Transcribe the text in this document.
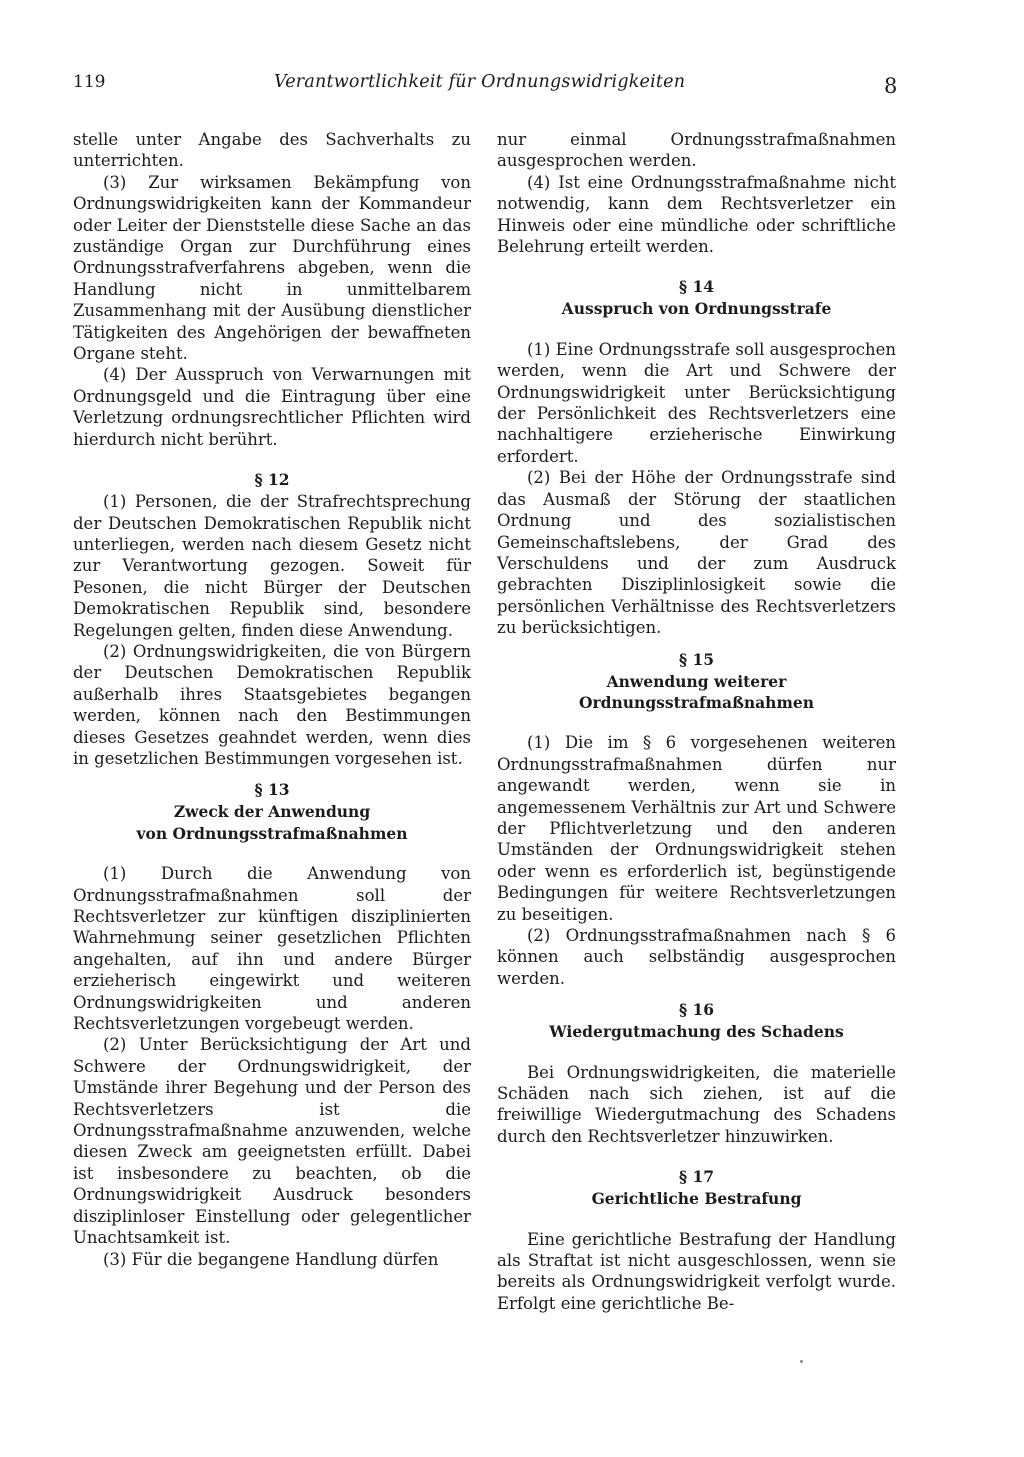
119	Verantwortlichkeit für Ordnungswidrigkeiten	8

stelle unter Angabe des Sachverhalts zu unterrichten.

(3) Zur wirksamen Bekämpfung von Ordnungswidrigkeiten kann der Kommandeur oder Leiter der Dienststelle diese Sache an das zuständige Organ zur Durchführung eines Ordnungsstrafverfahrens abgeben, wenn die Handlung nicht in unmittelbarem Zusammenhang mit der Ausübung dienstlicher Tätigkeiten des Angehörigen der bewaffneten Organe steht.

(4) Der Ausspruch von Verwarnungen mit Ordnungsgeld und die Eintragung über eine Verletzung ordnungsrechtlicher Pflichten wird hierdurch nicht berührt.

§ 12

(1) Personen, die der Strafrechtsprechung der Deutschen Demokratischen Republik nicht unterliegen, werden nach diesem Gesetz nicht zur Verantwortung gezogen. Soweit für Pesonen, die nicht Bürger der Deutschen Demokratischen Republik sind, besondere Regelungen gelten, finden diese Anwendung.

(2) Ordnungswidrigkeiten, die von Bürgern der Deutschen Demokratischen Republik außerhalb ihres Staatsgebietes begangen werden, können nach den Bestimmungen dieses Gesetzes geahndet werden, wenn dies in gesetzlichen Bestimmungen vorgesehen ist.

§ 13
Zweck der Anwendung
von Ordnungsstrafmaßnahmen

(1) Durch die Anwendung von Ordnungsstrafmaßnahmen soll der Rechtsverletzer zur künftigen disziplinierten Wahrnehmung seiner gesetzlichen Pflichten angehalten, auf ihn und andere Bürger erzieherisch eingewirkt und weiteren Ordnungswidrigkeiten und anderen Rechtsverletzungen vorgebeugt werden.

(2) Unter Berücksichtigung der Art und Schwere der Ordnungswidrigkeit, der Umstände ihrer Begehung und der Person des Rechtsverletzers ist die Ordnungsstrafmaßnahme anzuwenden, welche diesen Zweck am geeignetsten erfüllt. Dabei ist insbesondere zu beachten, ob die Ordnungswidrigkeit Ausdruck besonders disziplinloser Einstellung oder gelegentlicher Unachtsamkeit ist.

(3) Für die begangene Handlung dürfen

nur einmal Ordnungsstrafmaßnahmen ausgesprochen werden.

(4) Ist eine Ordnungsstrafmaßnahme nicht notwendig, kann dem Rechtsverletzer ein Hinweis oder eine mündliche oder schriftliche Belehrung erteilt werden.

§ 14
Ausspruch von Ordnungsstrafe

(1) Eine Ordnungsstrafe soll ausgesprochen werden, wenn die Art und Schwere der Ordnungswidrigkeit unter Berücksichtigung der Persönlichkeit des Rechtsverletzers eine nachhaltigere erzieherische Einwirkung erfordert.

(2) Bei der Höhe der Ordnungsstrafe sind das Ausmaß der Störung der staatlichen Ordnung und des sozialistischen Gemeinschaftslebens, der Grad des Verschuldens und der zum Ausdruck gebrachten Disziplinlosigkeit sowie die persönlichen Verhältnisse des Rechtsverletzers zu berücksichtigen.

§ 15
Anwendung weiterer
Ordnungsstrafmaßnahmen

(1) Die im § 6 vorgesehenen weiteren Ordnungsstrafmaßnahmen dürfen nur angewandt werden, wenn sie in angemessenem Verhältnis zur Art und Schwere der Pflichtverletzung und den anderen Umständen der Ordnungswidrigkeit stehen oder wenn es erforderlich ist, begünstigende Bedingungen für weitere Rechtsverletzungen zu beseitigen.

(2) Ordnungsstrafmaßnahmen nach § 6 können auch selbständig ausgesprochen werden.

§ 16
Wiedergutmachung des Schadens

Bei Ordnungswidrigkeiten, die materielle Schäden nach sich ziehen, ist auf die freiwillige Wiedergutmachung des Schadens durch den Rechtsverletzer hinzuwirken.

§ 17
Gerichtliche Bestrafung

Eine gerichtliche Bestrafung der Handlung als Straftat ist nicht ausgeschlossen, wenn sie bereits als Ordnungswidrigkeit verfolgt wurde. Erfolgt eine gerichtliche Be-
